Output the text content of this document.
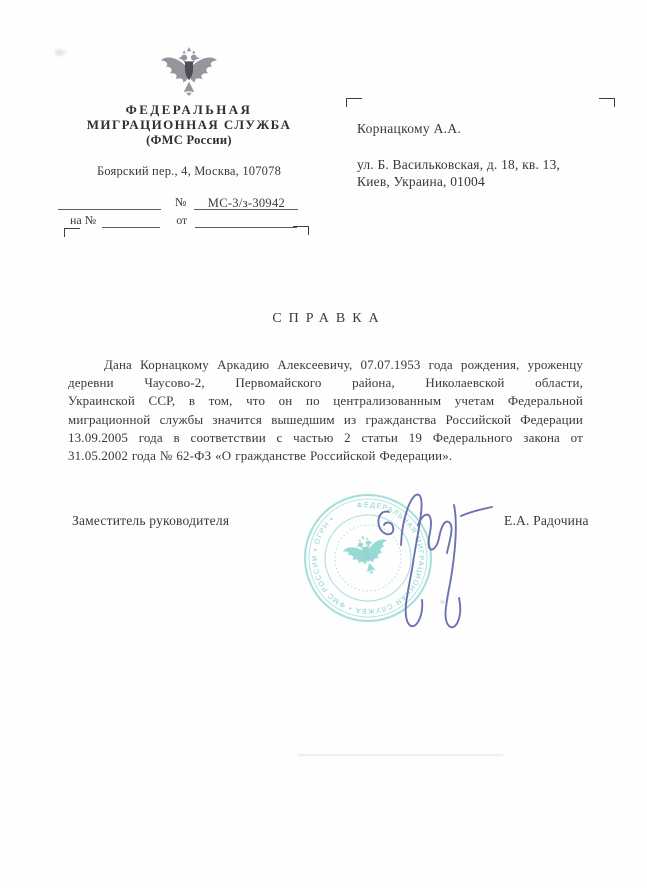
ФЕДЕРАЛЬНАЯ
МИГРАЦИОННАЯ СЛУЖБА
(ФМС России)
Боярский пер., 4, Москва, 107078
№	МС-3/з-30942
на №	от
Корнацкому А.А.
ул. Б. Васильковская, д. 18, кв. 13,
Киев, Украина, 01004
СПРАВКА
Дана Корнацкому Аркадию Алексеевичу, 07.07.1953 года рождения, уроженцу
деревни Чаусово-2, Первомайского района, Николаевской области,
Украинской ССР, в том, что он по централизованным учетам Федеральной
миграционной службы значится вышедшим из гражданства Российской Федерации
13.09.2005 года в соответствии с частью 2 статьи 19 Федерального закона от
31.05.2002 года № 62-ФЗ «О гражданстве Российской Федерации».
Заместитель руководителя	Е.А. Радочина
ФЕДЕРАЛЬНАЯ МИГРАЦИОННАЯ СЛУЖБА • ФМС РОССИИ • ОГРН •
